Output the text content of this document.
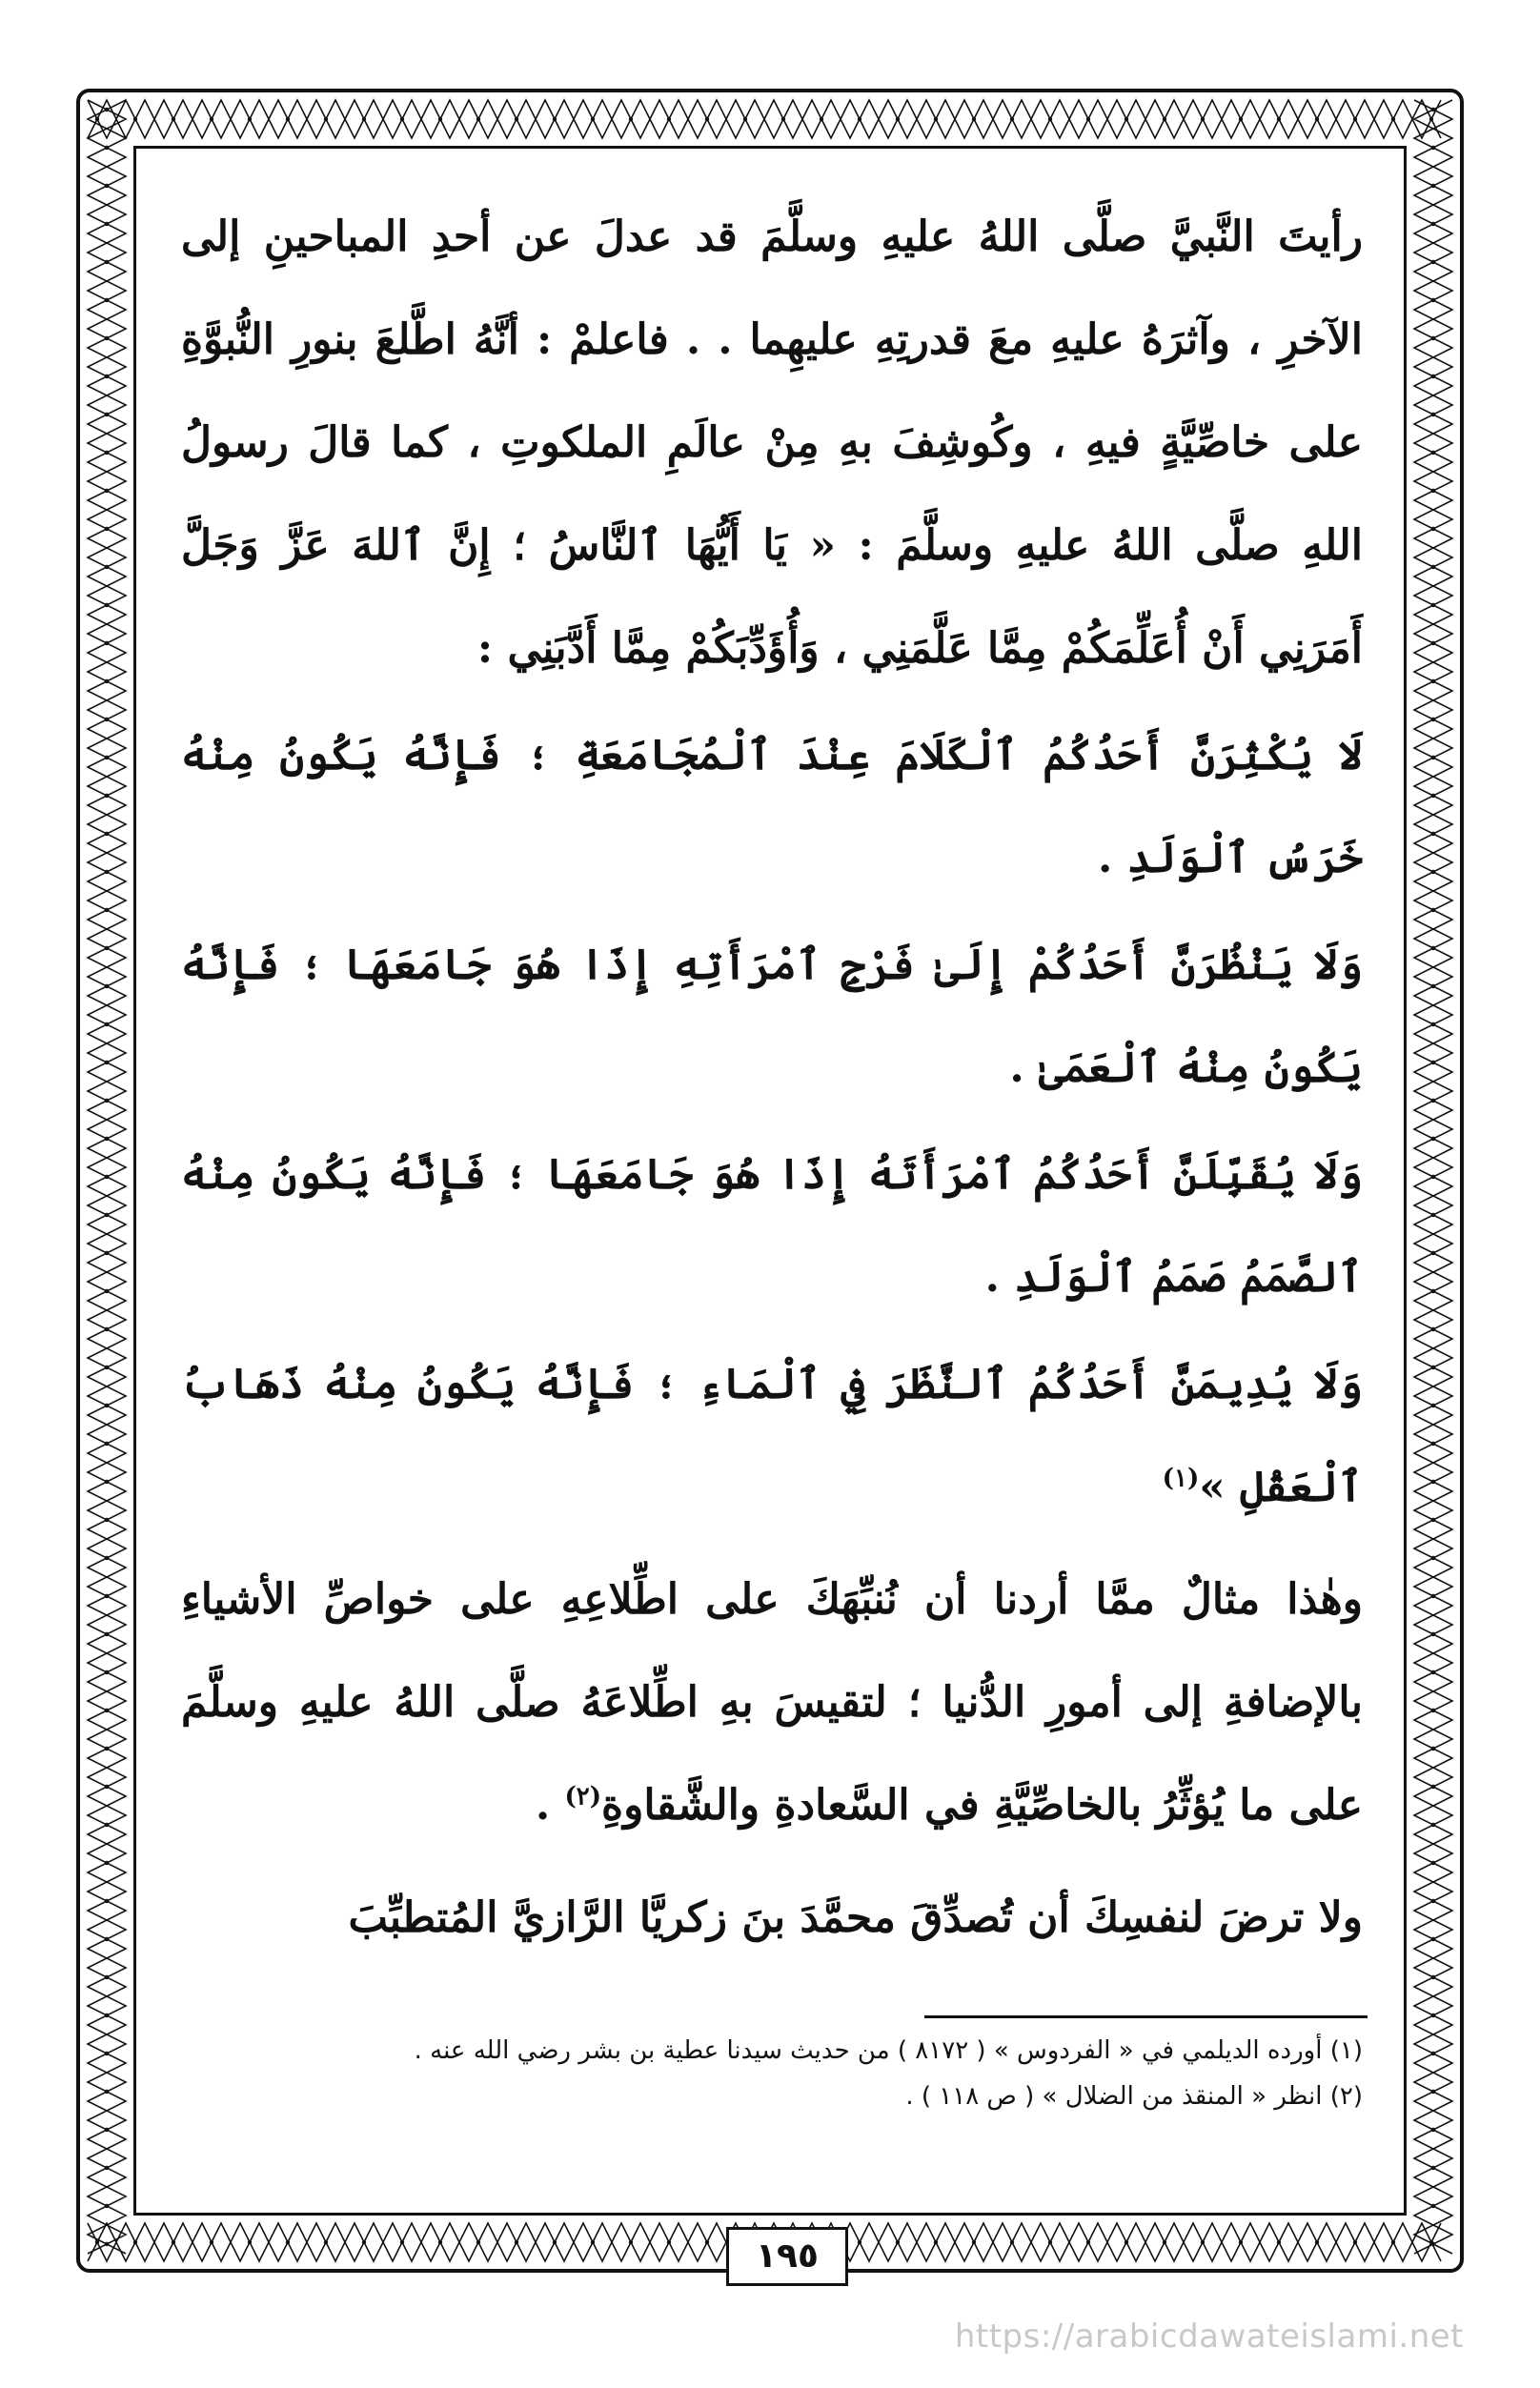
رأيتَ النَّبيَّ صلَّى اللهُ عليهِ وسلَّمَ قد عدلَ عن أحدِ المباحينِ إلى الآخرِ ، وآثرَهُ عليهِ معَ قدرتِهِ عليهِما . . فاعلمْ : أنَّهُ اطَّلعَ بنورِ النُّبوَّةِ على خاصِّيَّةٍ فيهِ ، وكُوشِفَ بهِ مِنْ عالَمِ الملكوتِ ، كما قالَ رسولُ اللهِ صلَّى اللهُ عليهِ وسلَّمَ : « يَا أَيُّهَا ٱلنَّاسُ ؛ إِنَّ ٱللهَ عَزَّ وَجَلَّ أَمَرَنِي أَنْ أُعَلِّمَكُمْ مِمَّا عَلَّمَنِي ، وَأُؤَدِّبَكُمْ مِمَّا أَدَّبَنِي :

لَا يُكْثِرَنَّ أَحَدُكُمُ ٱلْكَلَامَ عِنْدَ ٱلْمُجَامَعَةِ ؛ فَإِنَّهُ يَكُونُ مِنْهُ خَرَسُ ٱلْوَلَدِ .

وَلَا يَنْظُرَنَّ أَحَدُكُمْ إِلَىٰ فَرْجِ ٱمْرَأَتِهِ إِذَا هُوَ جَامَعَهَا ؛ فَإِنَّهُ يَكُونُ مِنْهُ ٱلْعَمَىٰ .

وَلَا يُقَبِّلَنَّ أَحَدُكُمُ ٱمْرَأَتَهُ إِذَا هُوَ جَامَعَهَا ؛ فَإِنَّهُ يَكُونُ مِنْهُ ٱلصَّمَمُ صَمَمُ ٱلْوَلَدِ .

وَلَا يُدِيمَنَّ أَحَدُكُمُ ٱلنَّظَرَ فِي ٱلْمَاءِ ؛ فَإِنَّهُ يَكُونُ مِنْهُ ذَهَابُ ٱلْعَقْلِ »$^{(١)}$

وهٰذا مثالٌ ممَّا أردنا أن نُنبِّهَكَ على اطِّلاعِهِ على خواصِّ الأشياءِ بالإضافةِ إلى أمورِ الدُّنيا ؛ لتقيسَ بهِ اطِّلاعَهُ صلَّى اللهُ عليهِ وسلَّمَ على ما يُؤثِّرُ بالخاصِّيَّةِ في السَّعادةِ والشَّقاوةِ$^{(٢)}$ .

ولا ترضَ لنفسِكَ أن تُصدِّقَ محمَّدَ بنَ زكريَّا الرَّازيَّ المُتطبِّبَ

(١) أورده الديلمي في « الفردوس » ( ٨١٧٢ ) من حديث سيدنا عطية بن بشر رضي الله عنه .
(٢) انظر « المنقذ من الضلال » ( ص ١١٨ ) .
١٩٥
https://arabicdawateislami.net
